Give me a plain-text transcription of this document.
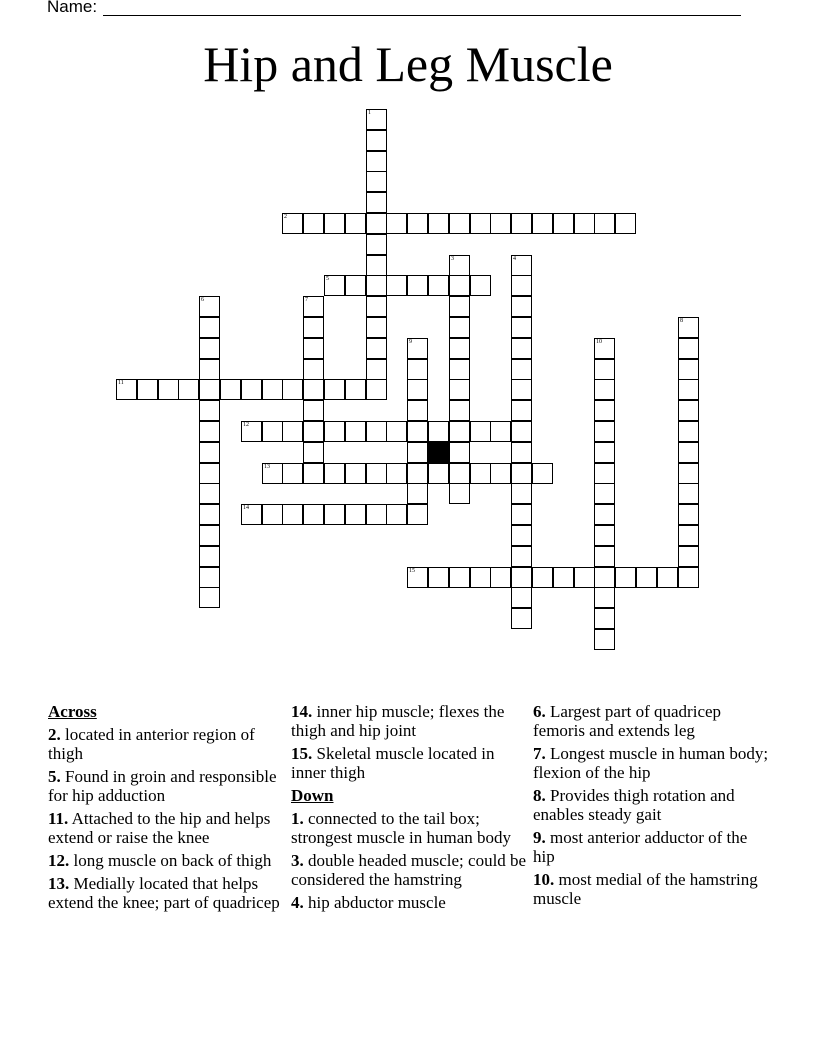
Name:
Hip and Leg Muscle
1
2
3	4
5
6	7
8
9	10
11
12
13
14
15
Across
2. located in anterior region of thigh
5. Found in groin and responsible for hip adduction
11. Attached to the hip and helps extend or raise the knee
12. long muscle on back of thigh
13. Medially located that helps extend the knee; part of quadricep
14. inner hip muscle; flexes the thigh and hip joint
15. Skeletal muscle located in inner thigh
Down
1. connected to the tail box; strongest muscle in human body
3. double headed muscle; could be considered the hamstring
4. hip abductor muscle
6. Largest part of quadricep femoris and extends leg
7. Longest muscle in human body; flexion of the hip
8. Provides thigh rotation and enables steady gait
9. most anterior adductor of the hip
10. most medial of the hamstring muscle
